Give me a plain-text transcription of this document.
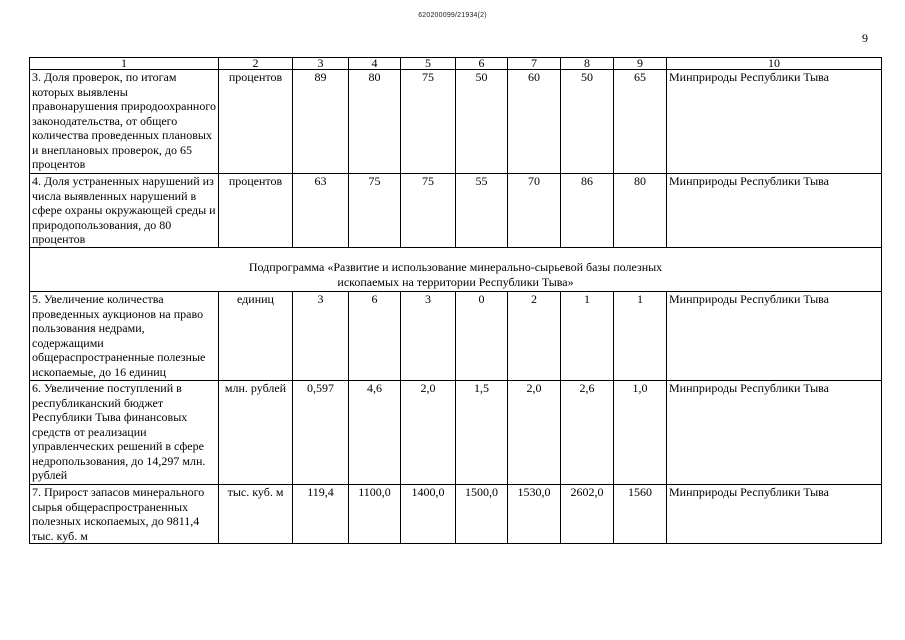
620200099/21934(2)
9
1	2	3	4	5	6	7	8	9	10
3. Доля проверок, по итогам которых выявлены правонарушения природоохранного законодательства, от общего количества проведенных плановых и внеплановых проверок, до 65 процентов	процентов	89	80	75	50	60	50	65	Минприроды Республики Тыва
4. Доля устраненных нарушений из числа выявленных нарушений в сфере охраны окружающей среды и природопользования, до 80 процентов	процентов	63	75	75	55	70	86	80	Минприроды Республики Тыва

Подпрограмма «Развитие и использование минерально-сырьевой базы полезных ископаемых на территории Республики Тыва»									

5. Увеличение количества проведенных аукционов на право пользования недрами, содержащими общераспространенные полезные ископаемые, до 16 единиц	единиц	3	6	3	0	2	1	1	Минприроды Республики Тыва
6. Увеличение поступлений в республиканский бюджет Республики Тыва финансовых средств от реализации управленческих решений в сфере недропользования, до 14,297 млн. рублей	млн. рублей	0,597	4,6	2,0	1,5	2,0	2,6	1,0	Минприроды Республики Тыва
7. Прирост запасов минерального сырья общераспространенных полезных ископаемых, до 9811,4 тыс. куб. м	тыс. куб. м	119,4	1100,0	1400,0	1500,0	1530,0	2602,0	1560	Минприроды Республики Тыва
